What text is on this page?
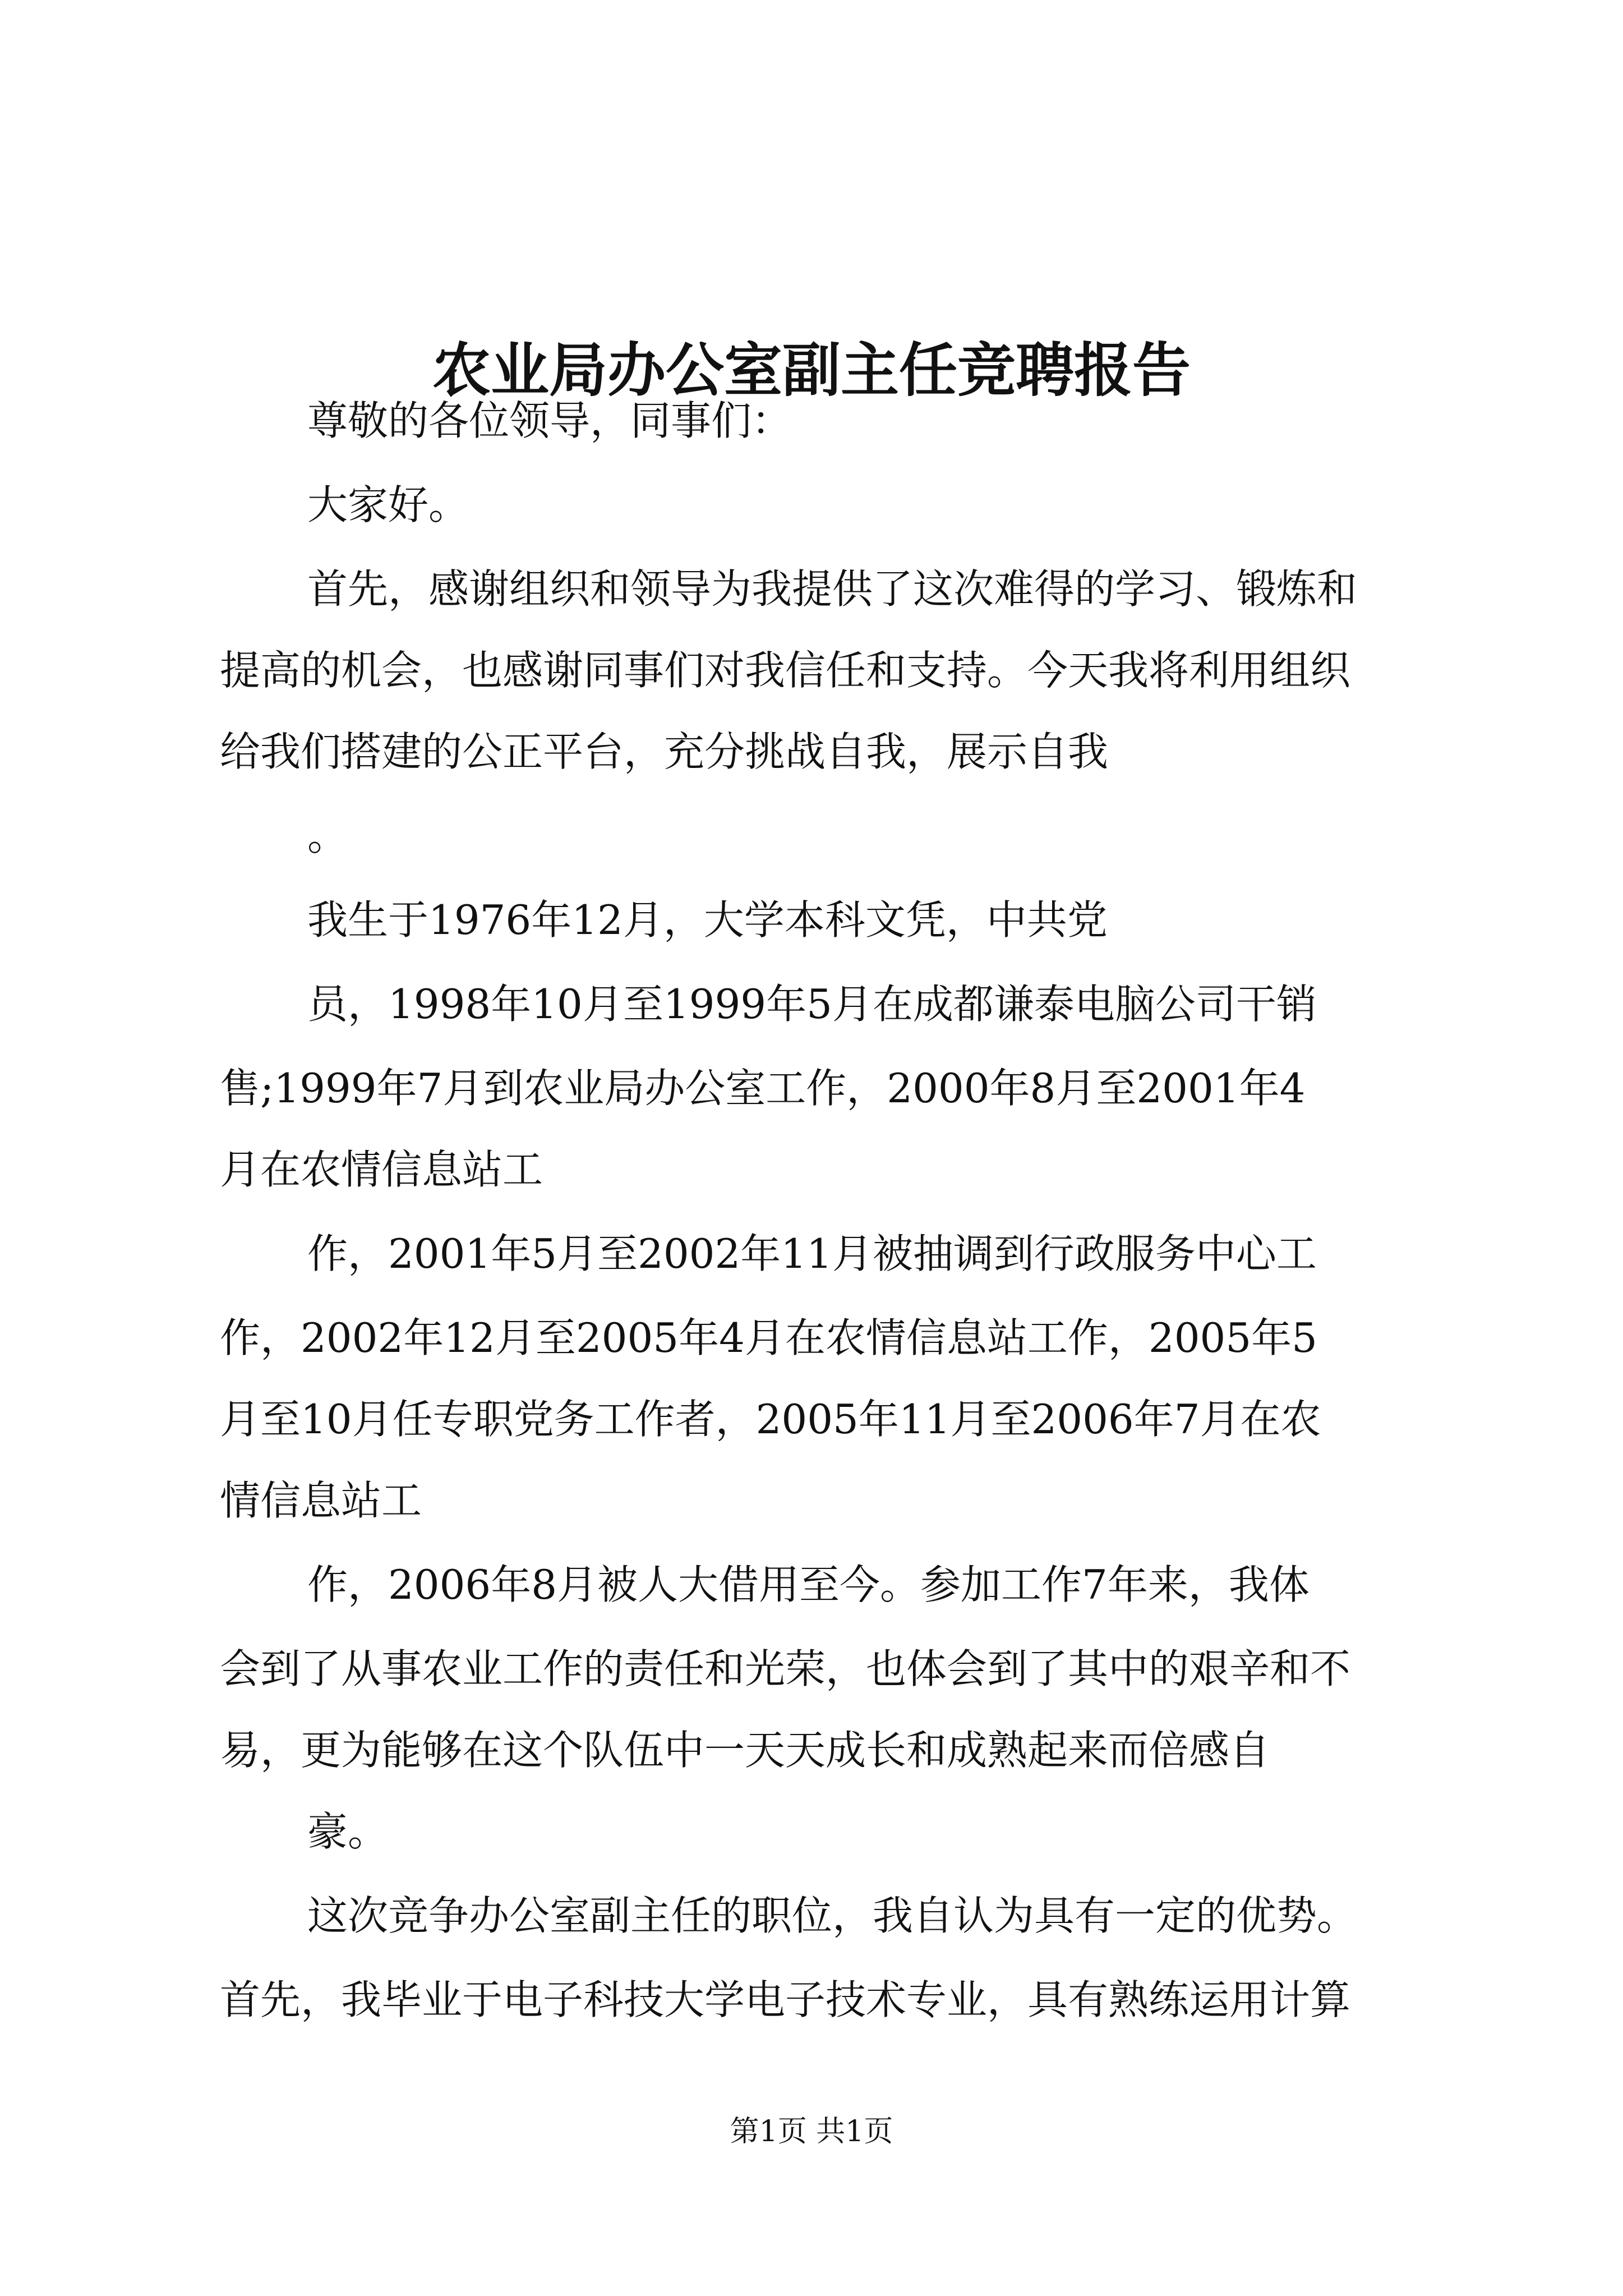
农业局办公室副主任竞聘报告

尊敬的各位领导，同事们：

大家好。

首先，感谢组织和领导为我提供了这次难得的学习、锻炼和

提高的机会，也感谢同事们对我信任和支持。今天我将利用组织

给我们搭建的公正平台，充分挑战自我，展示自我

。

我生于1976年12月，大学本科文凭，中共党

员，1998年10月至1999年5月在成都谦泰电脑公司干销

售;1999年7月到农业局办公室工作，2000年8月至2001年4

月在农情信息站工

作，2001年5月至2002年11月被抽调到行政服务中心工

作，2002年12月至2005年4月在农情信息站工作，2005年5

月至10月任专职党务工作者，2005年11月至2006年7月在农

情信息站工

作，2006年8月被人大借用至今。参加工作7年来，我体

会到了从事农业工作的责任和光荣，也体会到了其中的艰辛和不

易，更为能够在这个队伍中一天天成长和成熟起来而倍感自

豪。

这次竞争办公室副主任的职位，我自认为具有一定的优势。

首先，我毕业于电子科技大学电子技术专业，具有熟练运用计算

第1页 共1页
